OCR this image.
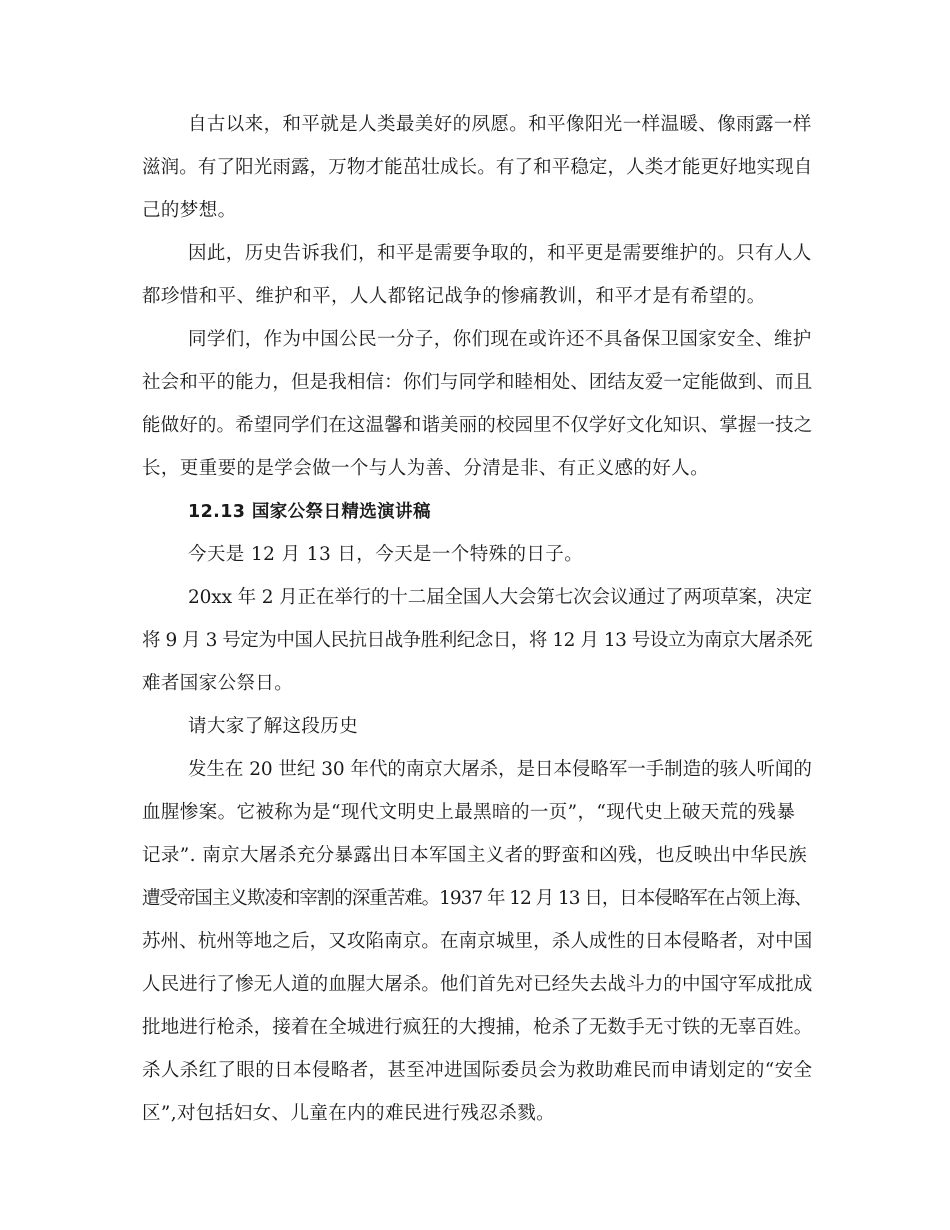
自古以来，和平就是人类最美好的夙愿。和平像阳光一样温暖、像雨露一样
滋润。有了阳光雨露，万物才能茁壮成长。有了和平稳定，人类才能更好地实现自
己的梦想。
因此，历史告诉我们，和平是需要争取的，和平更是需要维护的。只有人人
都珍惜和平、维护和平，人人都铭记战争的惨痛教训，和平才是有希望的。
同学们，作为中国公民一分子，你们现在或许还不具备保卫国家安全、维护
社会和平的能力，但是我相信：你们与同学和睦相处、团结友爱一定能做到、而且
能做好的。希望同学们在这温馨和谐美丽的校园里不仅学好文化知识、掌握一技之
长，更重要的是学会做一个与人为善、分清是非、有正义感的好人。
12.13 国家公祭日精选演讲稿
今天是 12 月 13 日，今天是一个特殊的日子。
20xx 年 2 月正在举行的十二届全国人大会第七次会议通过了两项草案，决定
将 9 月 3 号定为中国人民抗日战争胜利纪念日，将 12 月 13 号设立为南京大屠杀死
难者国家公祭日。
请大家了解这段历史
发生在 20 世纪 30 年代的南京大屠杀，是日本侵略军一手制造的骇人听闻的
血腥惨案。它被称为是“现代文明史上最黑暗的一页”，“现代史上破天荒的残暴
记录”. 南京大屠杀充分暴露出日本军国主义者的野蛮和凶残，也反映出中华民族
遭受帝国主义欺凌和宰割的深重苦难。1937 年 12 月 13 日，日本侵略军在占领上海、
苏州、杭州等地之后，又攻陷南京。在南京城里，杀人成性的日本侵略者，对中国
人民进行了惨无人道的血腥大屠杀。他们首先对已经失去战斗力的中国守军成批成
批地进行枪杀，接着在全城进行疯狂的大搜捕，枪杀了无数手无寸铁的无辜百姓。
杀人杀红了眼的日本侵略者，甚至冲进国际委员会为救助难民而申请划定的“安全
区”,对包括妇女、儿童在内的难民进行残忍杀戮。
